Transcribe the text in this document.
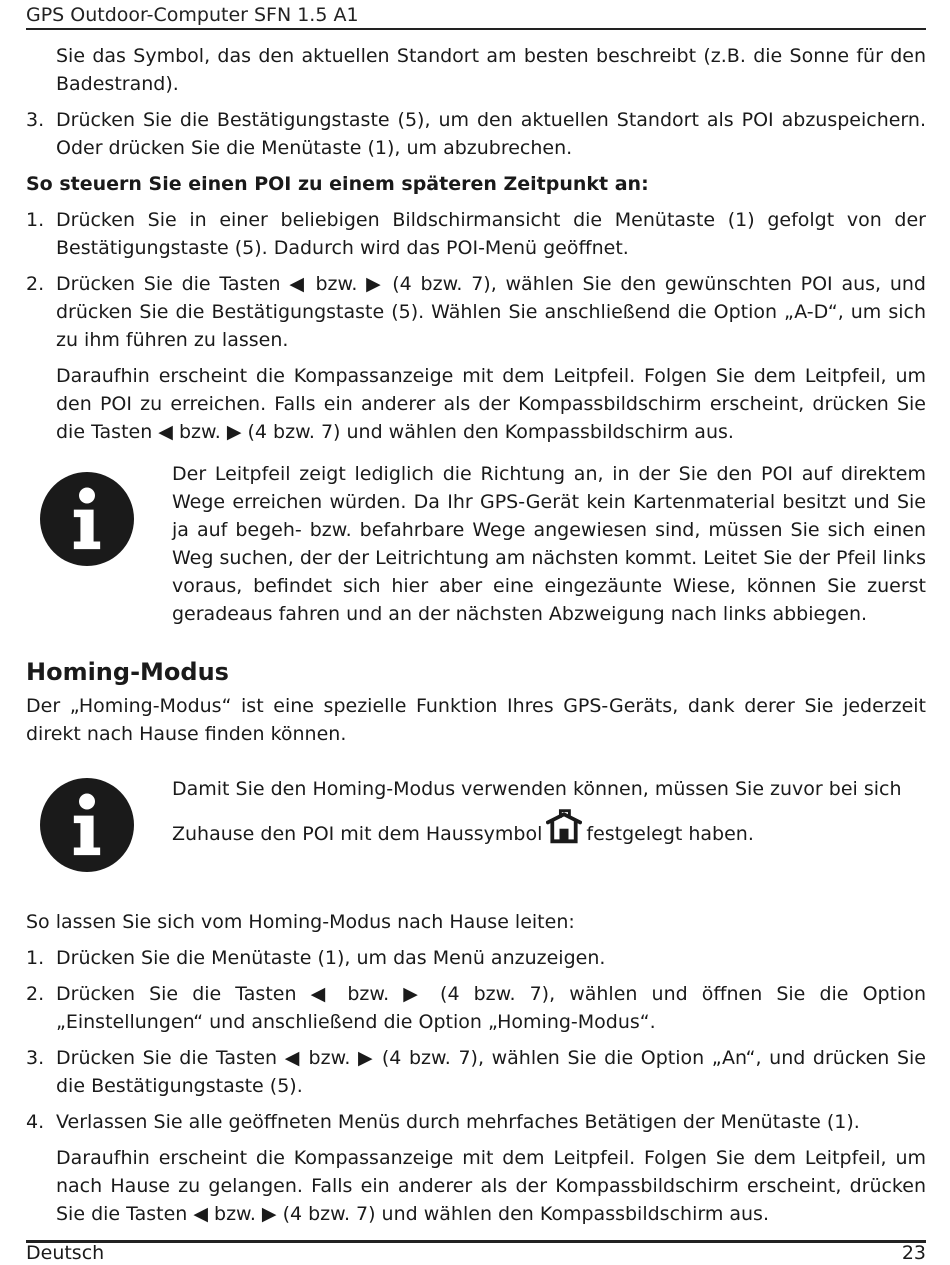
GPS Outdoor-Computer SFN 1.5 A1

Sie das Symbol, das den aktuellen Standort am besten beschreibt (z.B. die Sonne für den Badestrand).

3. Drücken Sie die Bestätigungstaste (5), um den aktuellen Standort als POI abzuspeichern. Oder drücken Sie die Menütaste (1), um abzubrechen.

So steuern Sie einen POI zu einem späteren Zeitpunkt an:

1. Drücken Sie in einer beliebigen Bildschirmansicht die Menütaste (1) gefolgt von der Bestätigungstaste (5). Dadurch wird das POI-Menü geöffnet.
2. Drücken Sie die Tasten ◀ bzw. ▶ (4 bzw. 7), wählen Sie den gewünschten POI aus, und drücken Sie die Bestätigungstaste (5). Wählen Sie anschließend die Option „A-D“, um sich zu ihm führen zu lassen.

Daraufhin erscheint die Kompassanzeige mit dem Leitpfeil. Folgen Sie dem Leitpfeil, um den POI zu erreichen. Falls ein anderer als der Kompassbildschirm erscheint, drücken Sie die Tasten ◀ bzw. ▶ (4 bzw. 7) und wählen den Kompassbildschirm aus.

Der Leitpfeil zeigt lediglich die Richtung an, in der Sie den POI auf direktem Wege erreichen würden. Da Ihr GPS-Gerät kein Kartenmaterial besitzt und Sie ja auf begeh- bzw. befahrbare Wege angewiesen sind, müssen Sie sich einen Weg suchen, der der Leitrichtung am nächsten kommt. Leitet Sie der Pfeil links voraus, befindet sich hier aber eine eingezäunte Wiese, können Sie zuerst geradeaus fahren und an der nächsten Abzweigung nach links abbiegen.

Homing-Modus

Der „Homing-Modus“ ist eine spezielle Funktion Ihres GPS-Geräts, dank derer Sie jederzeit direkt nach Hause finden können.

Damit Sie den Homing-Modus verwenden können, müssen Sie zuvor bei sich Zuhause den POI mit dem Haussymbol festgelegt haben.

So lassen Sie sich vom Homing-Modus nach Hause leiten:

1. Drücken Sie die Menütaste (1), um das Menü anzuzeigen.
2. Drücken Sie die Tasten ◀ bzw. ▶ (4 bzw. 7), wählen und öffnen Sie die Option „Einstellungen“ und anschließend die Option „Homing-Modus“.
3. Drücken Sie die Tasten ◀ bzw. ▶ (4 bzw. 7), wählen Sie die Option „An“, und drücken Sie die Bestätigungstaste (5).
4. Verlassen Sie alle geöffneten Menüs durch mehrfaches Betätigen der Menütaste (1).

Daraufhin erscheint die Kompassanzeige mit dem Leitpfeil. Folgen Sie dem Leitpfeil, um nach Hause zu gelangen. Falls ein anderer als der Kompassbildschirm erscheint, drücken Sie die Tasten ◀ bzw. ▶ (4 bzw. 7) und wählen den Kompassbildschirm aus.

Deutsch	23
